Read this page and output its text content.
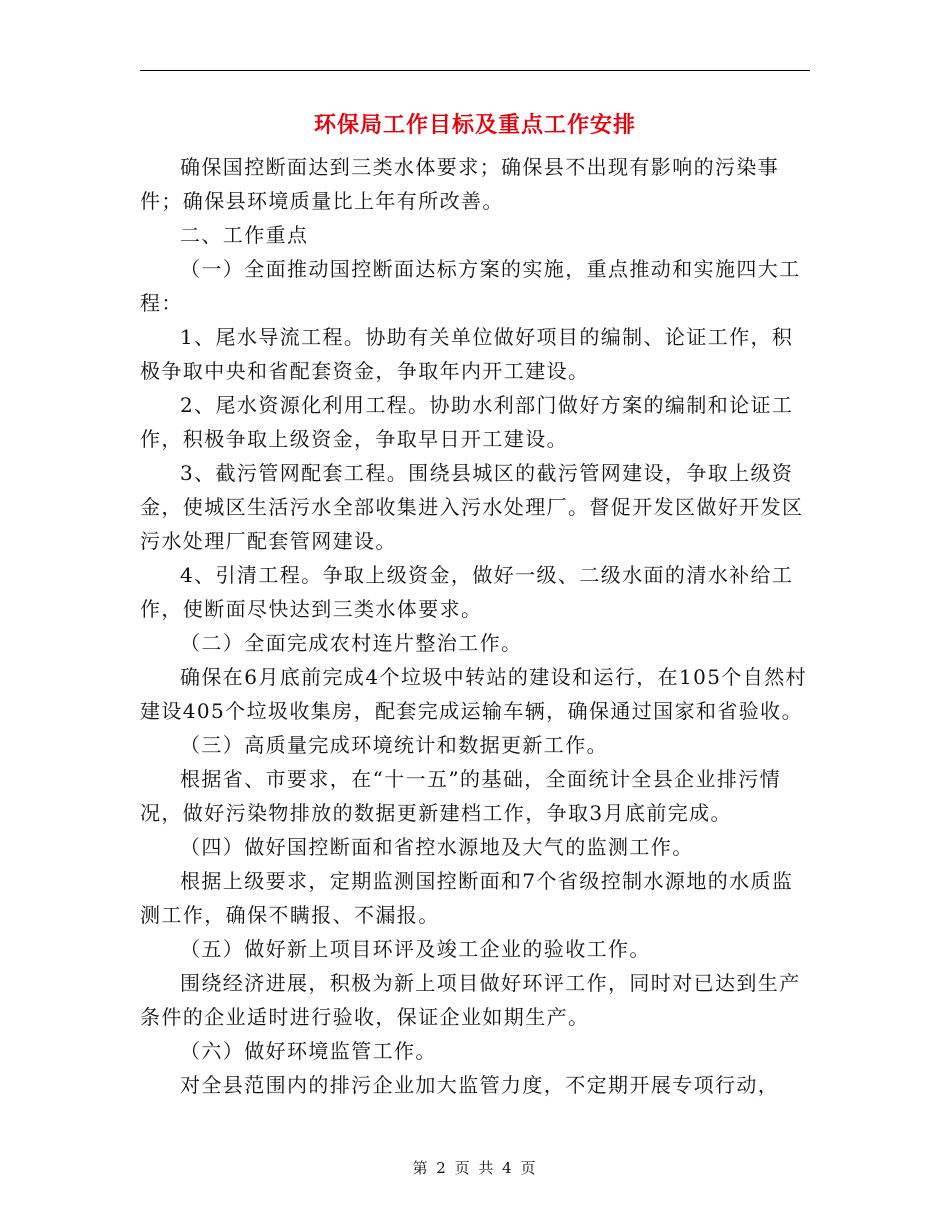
环保局工作目标及重点工作安排

确保国控断面达到三类水体要求；确保县不出现有影响的污染事件；确保县环境质量比上年有所改善。

二、工作重点

（一）全面推动国控断面达标方案的实施，重点推动和实施四大工程：

1、尾水导流工程。协助有关单位做好项目的编制、论证工作，积极争取中央和省配套资金，争取年内开工建设。

2、尾水资源化利用工程。协助水利部门做好方案的编制和论证工作，积极争取上级资金，争取早日开工建设。

3、截污管网配套工程。围绕县城区的截污管网建设，争取上级资金，使城区生活污水全部收集进入污水处理厂。督促开发区做好开发区污水处理厂配套管网建设。

4、引清工程。争取上级资金，做好一级、二级水面的清水补给工作，使断面尽快达到三类水体要求。

（二）全面完成农村连片整治工作。

确保在6月底前完成4个垃圾中转站的建设和运行，在105个自然村建设405个垃圾收集房，配套完成运输车辆，确保通过国家和省验收。

（三）高质量完成环境统计和数据更新工作。

根据省、市要求，在“十一五”的基础，全面统计全县企业排污情况，做好污染物排放的数据更新建档工作，争取3月底前完成。

（四）做好国控断面和省控水源地及大气的监测工作。

根据上级要求，定期监测国控断面和7个省级控制水源地的水质监测工作，确保不瞒报、不漏报。

（五）做好新上项目环评及竣工企业的验收工作。

围绕经济进展，积极为新上项目做好环评工作，同时对已达到生产条件的企业适时进行验收，保证企业如期生产。

（六）做好环境监管工作。

对全县范围内的排污企业加大监管力度，不定期开展专项行动，

第 2 页 共 4 页
